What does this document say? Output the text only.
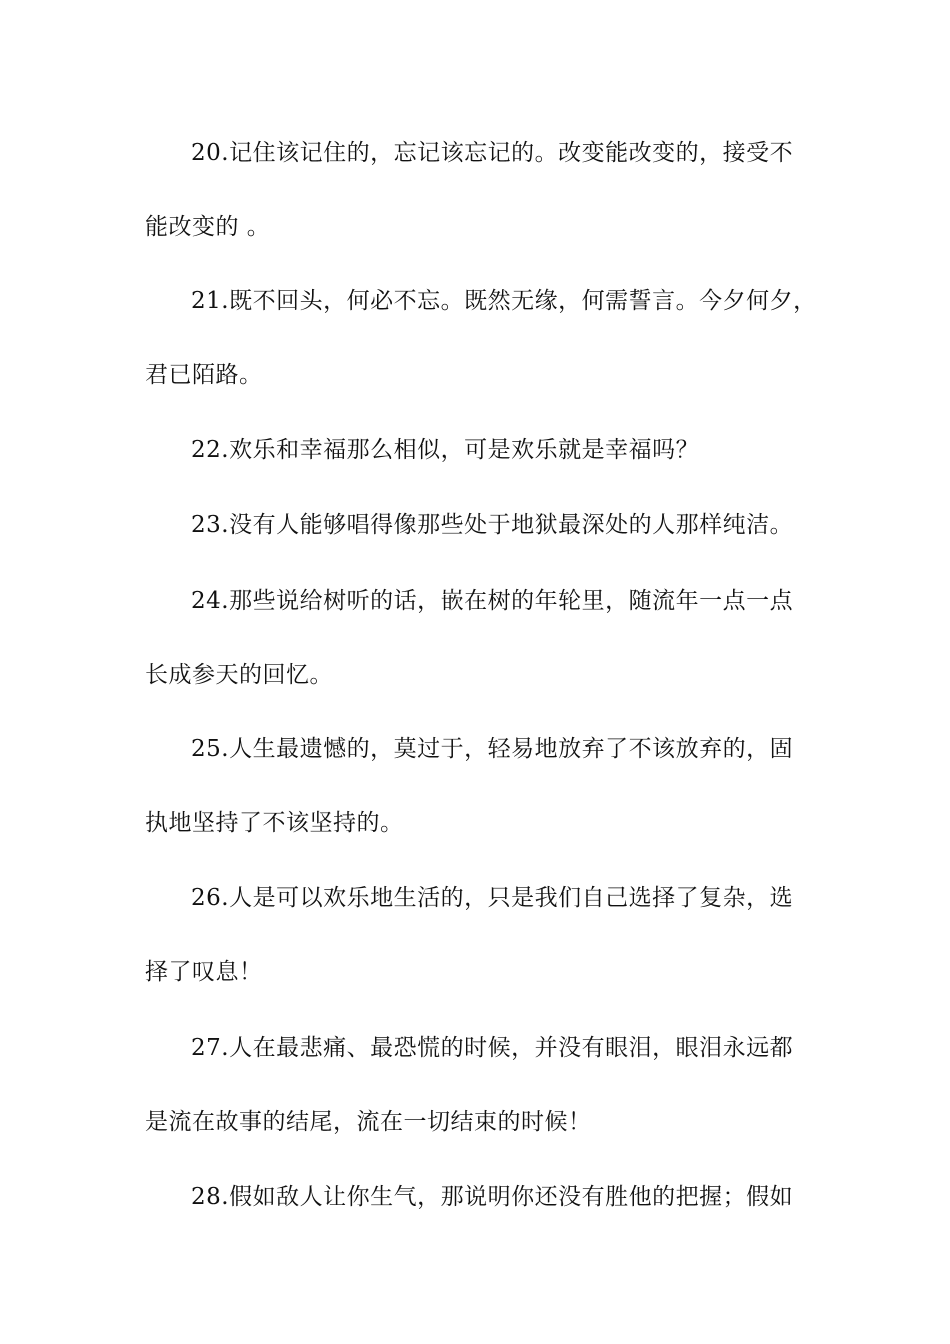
20.记住该记住的，忘记该忘记的。改变能改变的，接受不
能改变的 。

21.既不回头，何必不忘。既然无缘，何需誓言。今夕何夕，
君已陌路。

22.欢乐和幸福那么相似，可是欢乐就是幸福吗？

23.没有人能够唱得像那些处于地狱最深处的人那样纯洁。

24.那些说给树听的话，嵌在树的年轮里，随流年一点一点
长成参天的回忆。

25.人生最遗憾的，莫过于，轻易地放弃了不该放弃的，固
执地坚持了不该坚持的。

26.人是可以欢乐地生活的，只是我们自己选择了复杂，选
择了叹息！

27.人在最悲痛、最恐慌的时候，并没有眼泪，眼泪永远都
是流在故事的结尾，流在一切结束的时候！

28.假如敌人让你生气，那说明你还没有胜他的把握；假如
